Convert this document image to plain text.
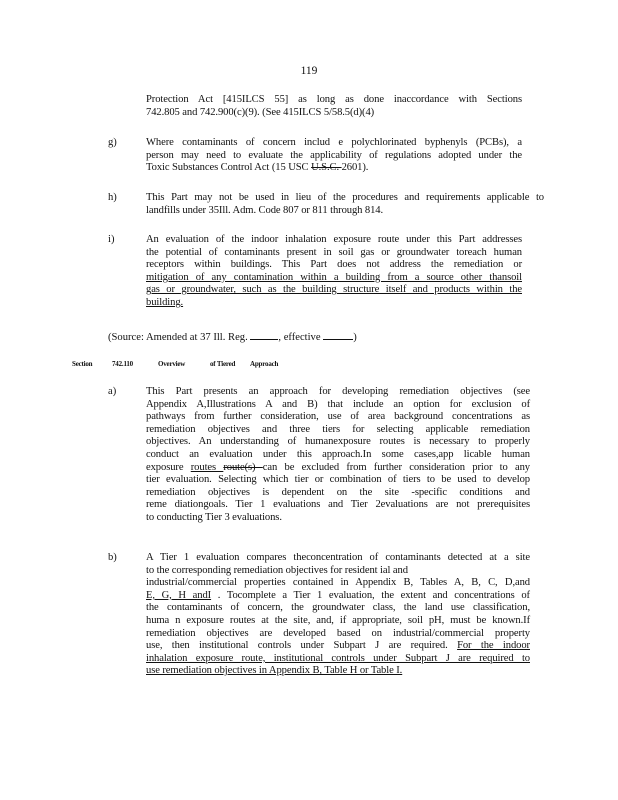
119
Protection Act [415ILCS 55] as long as done inaccordance with Sections
742.805 and 742.900(c)(9). (See 415ILCS 5/58.5(d)(4)
g)	Where contaminants of concern includ e polychlorinated byphenyls (PCBs), a
person may need to evaluate the applicability of regulations adopted under the
Toxic Substances Control Act (15 USC U.S.C. 2601).
h)	This Part may not be used in lieu of the procedures and requirements applicable to
landfills under 35Ill. Adm. Code 807 or 811 through 814.
i)	An evaluation of the indoor inhalation exposure route under this Part addresses
the potential of contaminants present in soil gas or groundwater toreach human
receptors within buildings. This Part does not address the remediation or
mitigation of any contamination within a building from a source other thansoil
gas or groundwater, such as the building structure itself and products within the
building.
(Source: Amended at 37 Ill. Reg.	, effective	)
Section	742.110	Overview	of Tiered Approach
a)	This Part presents an approach for developing remediation objectives (see
Appendix A,Illustrations A and B) that include an option for exclusion of
pathways from further consideration, use of area background concentrations as
remediation objectives and three tiers for selecting applicable remediation
objectives. An understanding of humanexposure routes is necessary to properly
conduct an evaluation under this approach.In some cases,app licable human
exposure routes route(s) can be excluded from further consideration prior to any
tier evaluation. Selecting which tier or combination of tiers to be used to develop
remediation objectives is dependent on the site -specific conditions and
reme diationgoals. Tier 1 evaluations and Tier 2evaluations are not prerequisites
to conducting Tier 3 evaluations.
b)	A Tier 1 evaluation compares theconcentration of contaminants detected at a site
to the corresponding remediation objectives for resident ial and
industrial/commercial properties contained in Appendix B, Tables A, B, C, D,and
E, G, H andI . Tocomplete a Tier 1 evaluation, the extent and concentrations of
the contaminants of concern, the groundwater class, the land use classification,
huma n exposure routes at the site, and, if appropriate, soil pH, must be known.If
remediation objectives are developed based on industrial/commercial property
use, then institutional controls under Subpart J are required. For the indoor
inhalation exposure route, institutional controls under Subpart J are required to
use remediation objectives in Appendix B, Table H or Table I.
